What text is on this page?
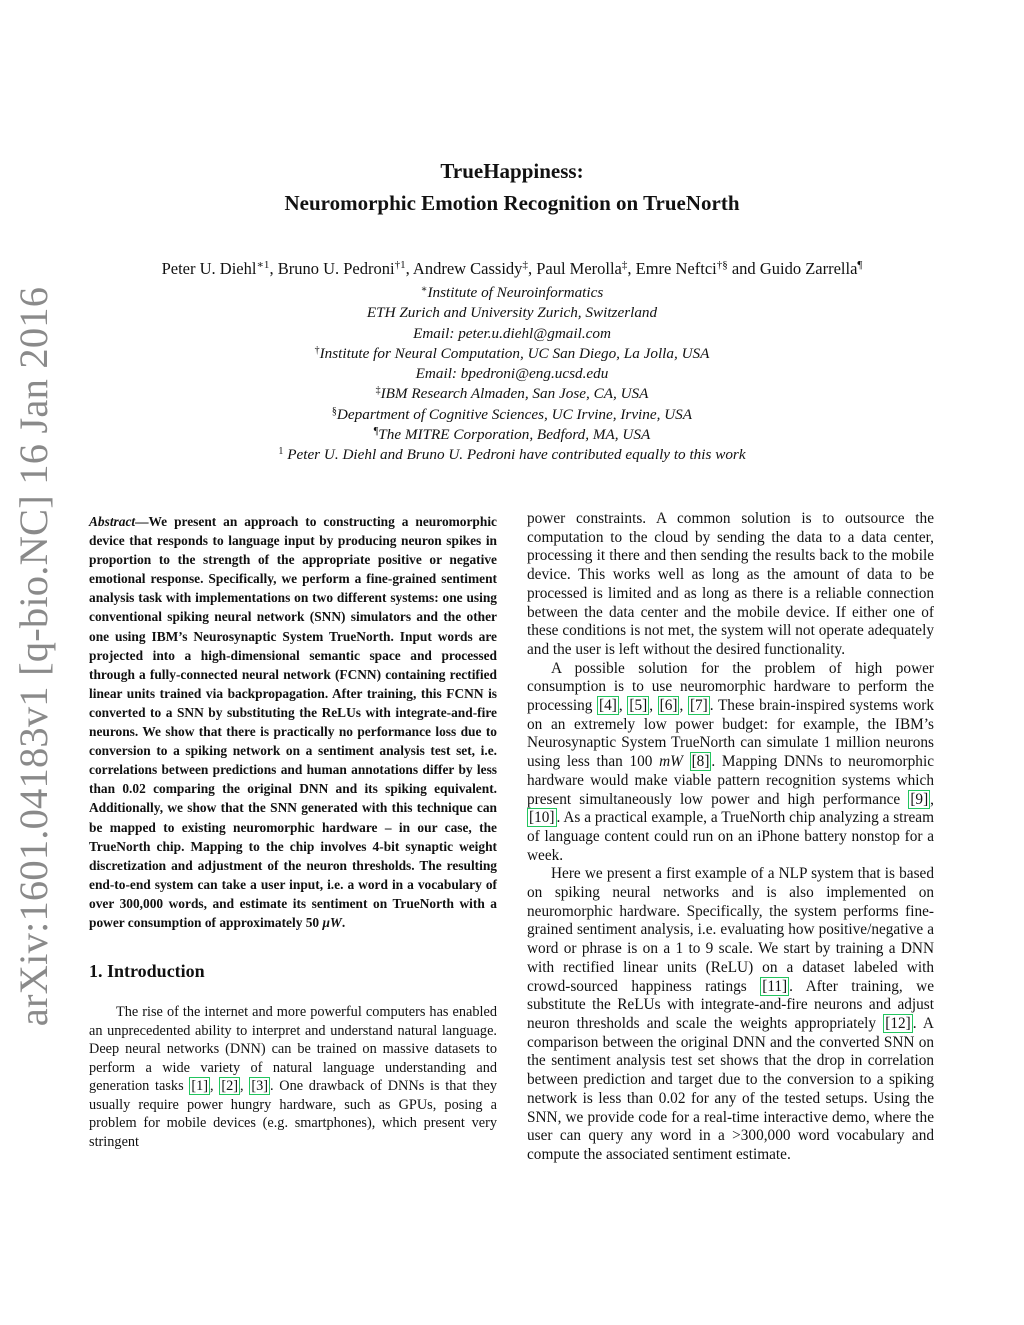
arXiv:1601.04183v1 [q-bio.NC] 16 Jan 2016
TrueHappiness:
Neuromorphic Emotion Recognition on TrueNorth
Peter U. Diehl$^{∗1}$, Bruno U. Pedroni$^{\dagger 1}$, Andrew Cassidy‡, Paul Merolla‡, Emre Neftci†§ and Guido Zarrella¶
∗Institute of Neuroinformatics
ETH Zurich and University Zurich, Switzerland
Email: peter.u.diehl@gmail.com
†Institute for Neural Computation, UC San Diego, La Jolla, USA
Email: bpedroni@eng.ucsd.edu
‡IBM Research Almaden, San Jose, CA, USA
§Department of Cognitive Sciences, UC Irvine, Irvine, USA
¶The MITRE Corporation, Bedford, MA, USA
$^1$ Peter U. Diehl and Bruno U. Pedroni have contributed equally to this work

Abstract—We present an approach to constructing a neuromorphic device that responds to language input by producing neuron spikes in proportion to the strength of the appropriate positive or negative emotional response. Specifically, we perform a fine-grained sentiment analysis task with implementations on two different systems: one using conventional spiking neural network (SNN) simulators and the other one using IBM’s Neurosynaptic System TrueNorth. Input words are projected into a high-dimensional semantic space and processed through a fully-connected neural network (FCNN) containing rectified linear units trained via backpropagation. After training, this FCNN is converted to a SNN by substituting the ReLUs with integrate-and-fire neurons. We show that there is practically no performance loss due to conversion to a spiking network on a sentiment analysis test set, i.e. correlations between predictions and human annotations differ by less than 0.02 comparing the original DNN and its spiking equivalent. Additionally, we show that the SNN generated with this technique can be mapped to existing neuromorphic hardware – in our case, the TrueNorth chip. Mapping to the chip involves 4-bit synaptic weight discretization and adjustment of the neuron thresholds. The resulting end-to-end system can take a user input, i.e. a word in a vocabulary of over 300,000 words, and estimate its sentiment on TrueNorth with a power consumption of approximately 50 μW.

1. Introduction

The rise of the internet and more powerful computers has enabled an unprecedented ability to interpret and understand natural language. Deep neural networks (DNN) can be trained on massive datasets to perform a wide variety of natural language understanding and generation tasks [1] , [2] , [3] . One drawback of DNNs is that they usually require power hungry hardware, such as GPUs, posing a problem for mobile devices (e.g. smartphones), which present very stringent

power constraints. A common solution is to outsource the computation to the cloud by sending the data to a data center, processing it there and then sending the results back to the mobile device. This works well as long as the amount of data to be processed is limited and as long as there is a reliable connection between the data center and the mobile device. If either one of these conditions is not met, the system will not operate adequately and the user is left without the desired functionality.

A possible solution for the problem of high power consumption is to use neuromorphic hardware to perform the processing [4] , [5] , [6] , [7] . These brain-inspired systems work on an extremely low power budget: for example, the IBM’s Neurosynaptic System TrueNorth can simulate 1 million neurons using less than 100 mW [8] . Mapping DNNs to neuromorphic hardware would make viable pattern recognition systems which present simultaneously low power and high performance [9] , [10] . As a practical example, a TrueNorth chip analyzing a stream of language content could run on an iPhone battery nonstop for a week.

Here we present a first example of a NLP system that is based on spiking neural networks and is also implemented on neuromorphic hardware. Specifically, the system performs fine-grained sentiment analysis, i.e. evaluating how positive/negative a word or phrase is on a 1 to 9 scale. We start by training a DNN with rectified linear units (ReLU) on a dataset labeled with crowd-sourced happiness ratings [11] . After training, we substitute the ReLUs with integrate-and-fire neurons and adjust neuron thresholds and scale the weights appropriately [12] . A comparison between the original DNN and the converted SNN on the sentiment analysis test set shows that the drop in correlation between prediction and target due to the conversion to a spiking network is less than 0.02 for any of the tested setups. Using the SNN, we provide code for a real-time interactive demo, where the user can query any word in a >300,000 word vocabulary and compute the associated sentiment estimate.
